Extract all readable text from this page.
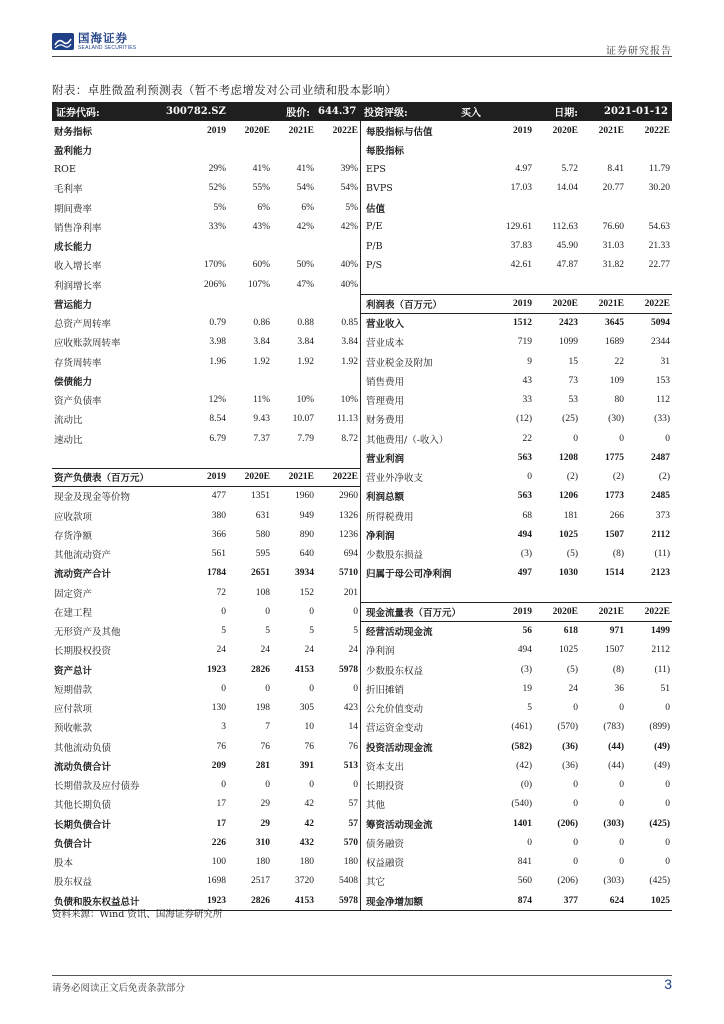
国海证券
SEALAND SECURITIES	证券研究报告
附表：卓胜微盈利预测表（暂不考虑增发对公司业绩和股本影响）
证券代码:	300782.SZ	股价: 644.37 投资评级:	买入	日期:	2021-01-12
财务指标	2019	2020E	2021E	2022E
盈利能力
ROE	29%	41%	41%	39%
毛利率	52%	55%	54%	54%
期间费率	5%	6%	6%	5%
销售净利率	33%	43%	42%	42%
成长能力
收入增长率	170%	60%	50%	40%
利润增长率	206%	107%	47%	40%
营运能力
总资产周转率	0.79	0.86	0.88	0.85
应收账款周转率	3.98	3.84	3.84	3.84
存货周转率	1.96	1.92	1.92	1.92
偿债能力
资产负债率	12%	11%	10%	10%
流动比	8.54	9.43	10.07	11.13
速动比	6.79	7.37	7.79	8.72
资产负债表（百万元）	2019	2020E	2021E	2022E
现金及现金等价物	477	1351	1960	2960
应收款项	380	631	949	1326
存货净额	366	580	890	1236
其他流动资产	561	595	640	694
流动资产合计	1784	2651	3934	5710
固定资产	72	108	152	201
在建工程	0	0	0	0
无形资产及其他	5	5	5	5
长期股权投资	24	24	24	24
资产总计	1923	2826	4153	5978
短期借款	0	0	0	0
应付款项	130	198	305	423
预收帐款	3	7	10	14
其他流动负债	76	76	76	76
流动负债合计	209	281	391	513
长期借款及应付债券	0	0	0	0
其他长期负债	17	29	42	57
长期负债合计	17	29	42	57
负债合计	226	310	432	570
股本	100	180	180	180
股东权益	1698	2517	3720	5408
负债和股东权益总计	1923	2826	4153	5978
每股指标与估值	2019	2020E	2021E	2022E
每股指标
EPS	4.97	5.72	8.41	11.79
BVPS	17.03	14.04	20.77	30.20
估值
P/E	129.61	112.63	76.60	54.63
P/B	37.83	45.90	31.03	21.33
P/S	42.61	47.87	31.82	22.77
利润表（百万元）	2019	2020E	2021E	2022E
营业收入	1512	2423	3645	5094
营业成本	719	1099	1689	2344
营业税金及附加	9	15	22	31
销售费用	43	73	109	153
管理费用	33	53	80	112
财务费用	(12)	(25)	(30)	(33)
其他费用/（-收入）	22	0	0	0
营业利润	563	1208	1775	2487
营业外净收支	0	(2)	(2)	(2)
利润总额	563	1206	1773	2485
所得税费用	68	181	266	373
净利润	494	1025	1507	2112
少数股东损益	(3)	(5)	(8)	(11)
归属于母公司净利润	497	1030	1514	2123
现金流量表（百万元）	2019	2020E	2021E	2022E
经营活动现金流	56	618	971	1499
净利润	494	1025	1507	2112
少数股东权益	(3)	(5)	(8)	(11)
折旧摊销	19	24	36	51
公允价值变动	5	0	0	0
营运资金变动	(461)	(570)	(783)	(899)
投资活动现金流	(582)	(36)	(44)	(49)
资本支出	(42)	(36)	(44)	(49)
长期投资	(0)	0	0	0
其他	(540)	0	0	0
筹资活动现金流	1401	(206)	(303)	(425)
债务融资	0	0	0	0
权益融资	841	0	0	0
其它	560	(206)	(303)	(425)
现金净增加额	874	377	624	1025
资料来源：Wind 资讯、国海证券研究所
请务必阅读正文后免责条款部分	3
